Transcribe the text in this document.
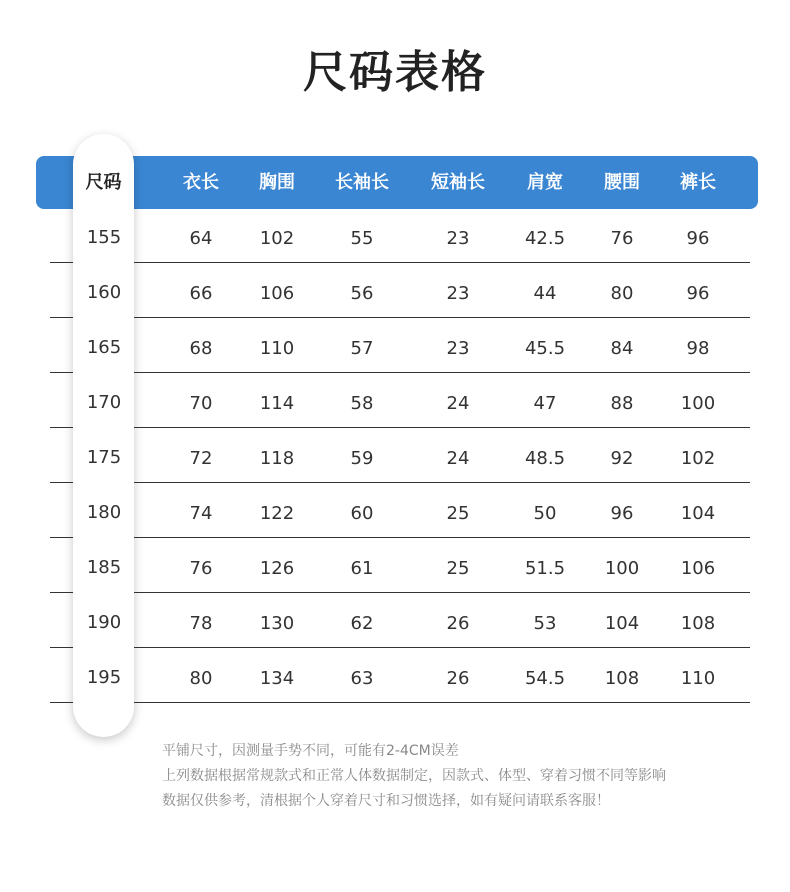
尺码表格
尺码	衣长 胸围 长袖长 短袖长 肩宽 腰围 裤长
155	64	102	55	23	42.5	76	96
160	66	106	56	23	44	80	96
165	68	110	57	23	45.5	84	98
170	70	114	58	24	47	88	100
175	72	118	59	24	48.5	92	102
180	74	122	60	25	50	96	104
185	76	126	61	25	51.5 100 106
190	78	130	62	26	53	104 108
195	80	134	63	26	54.5 108 110
平铺尺寸，因测量手势不同，可能有2-4CM误差
上列数据根据常规款式和正常人体数据制定，因款式、体型、穿着习惯不同等影响
数据仅供参考，清根据个人穿着尺寸和习惯选择，如有疑问请联系客服！
